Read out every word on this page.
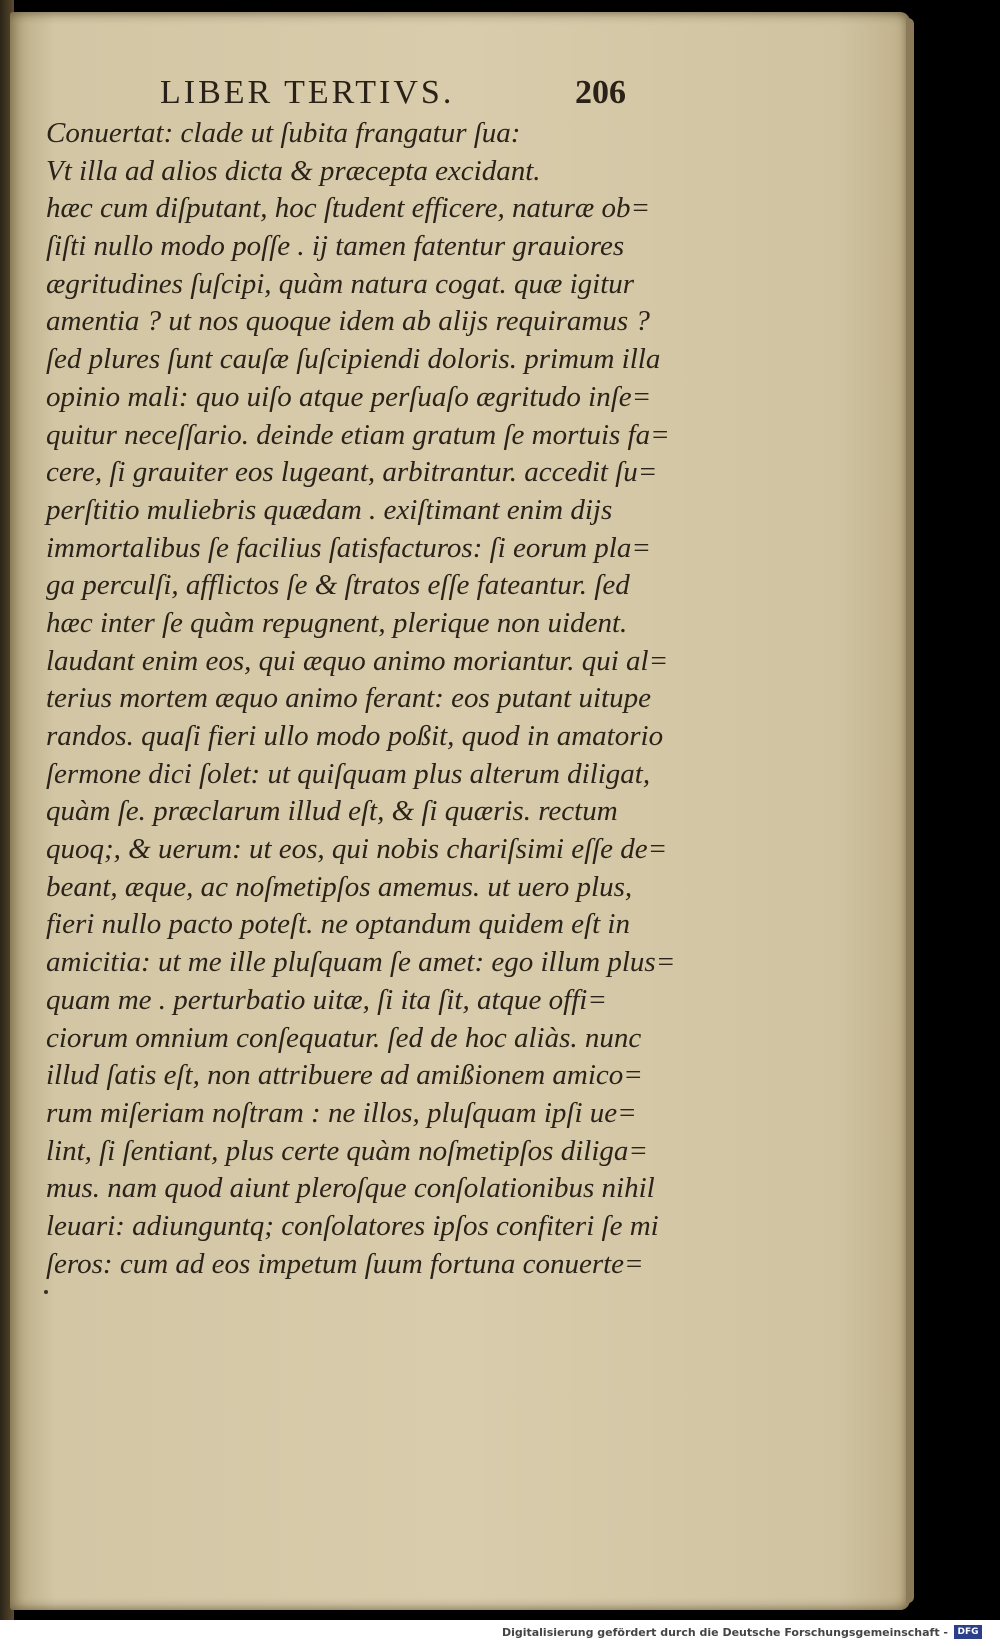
LIBER TERTIVS.	206
Conuertat: clade ut ſubita frangatur ſua:
Vt illa ad alios dicta & præcepta excidant.
hæc cum diſputant, hoc ſtudent efficere, naturæ ob=
ſiſti nullo modo poſſe . ij tamen fatentur grauiores
ægritudines ſuſcipi, quàm natura cogat. quæ igitur
amentia ? ut nos quoque idem ab alijs requiramus ?
ſed plures ſunt cauſæ ſuſcipiendi doloris. primum illa
opinio mali: quo uiſo atque perſuaſo ægritudo inſe=
quitur neceſſario. deinde etiam gratum ſe mortuis fa=
cere, ſi grauiter eos lugeant, arbitrantur. accedit ſu=
perſtitio muliebris quædam . exiſtimant enim dijs
immortalibus ſe facilius ſatisfacturos: ſi eorum pla=
ga perculſi, afflictos ſe & ſtratos eſſe fateantur. ſed
hæc inter ſe quàm repugnent, plerique non uident.
laudant enim eos, qui æquo animo moriantur. qui al=
terius mortem æquo animo ferant: eos putant uitupe
randos. quaſi fieri ullo modo poßit, quod in amatorio
ſermone dici ſolet: ut quiſquam plus alterum diligat,
quàm ſe. præclarum illud eſt, & ſi quæris. rectum
quoq;, & uerum: ut eos, qui nobis chariſsimi eſſe de=
beant, æque, ac noſmetipſos amemus. ut uero plus,
fieri nullo pacto poteſt. ne optandum quidem eſt in
amicitia: ut me ille pluſquam ſe amet: ego illum plus=
quam me . perturbatio uitæ, ſi ita ſit, atque offi=
ciorum omnium conſequatur. ſed de hoc aliàs. nunc
illud ſatis eſt, non attribuere ad amißionem amico=
rum miſeriam noſtram : ne illos, pluſquam ipſi ue=
lint, ſi ſentiant, plus certe quàm noſmetipſos diliga=
mus. nam quod aiunt pleroſque conſolationibus nihil
leuari: adiunguntq; conſolatores ipſos confiteri ſe mi
ſeros: cum ad eos impetum ſuum fortuna conuerte=
Digitalisierung gefördert durch die Deutsche Forschungsgemeinschaft -	DFG
